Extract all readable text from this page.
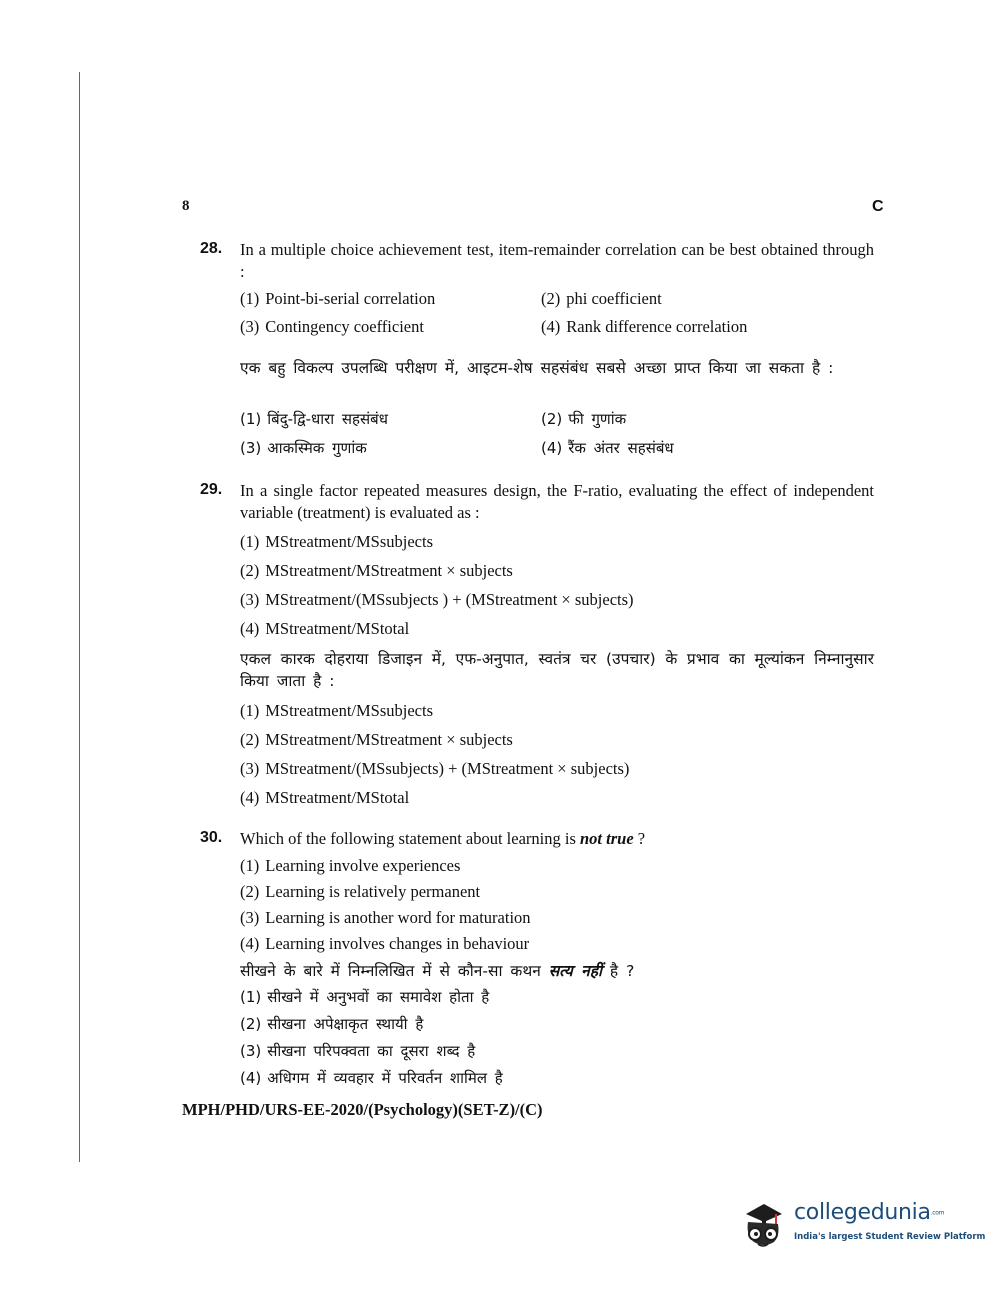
8	C
28. In a multiple choice achievement test, item-remainder correlation can be best obtained through :
(1) Point-bi-serial correlation	(2) phi coefficient
(3) Contingency coefficient	(4) Rank difference correlation
एक बहु विकल्प उपलब्धि परीक्षण में, आइटम-शेष सहसंबंध सबसे अच्छा प्राप्त किया जा सकता है :
(1) बिंदु-द्वि-धारा सहसंबंध	(2) फी गुणांक
(3) आकस्मिक गुणांक	(4) रैंक अंतर सहसंबंध
29. In a single factor repeated measures design, the F-ratio, evaluating the effect of independent variable (treatment) is evaluated as :
(1) MStreatment/MSsubjects
(2) MStreatment/MStreatment × subjects
(3) MStreatment/(MSsubjects ) + (MStreatment × subjects)
(4) MStreatment/MStotal
एकल कारक दोहराया डिजाइन में, एफ-अनुपात, स्वतंत्र चर (उपचार) के प्रभाव का मूल्यांकन निम्नानुसार किया जाता है :
(1) MStreatment/MSsubjects
(2) MStreatment/MStreatment × subjects
(3) MStreatment/(MSsubjects) + (MStreatment × subjects)
(4) MStreatment/MStotal
30. Which of the following statement about learning is not true ?
(1) Learning involve experiences
(2) Learning is relatively permanent
(3) Learning is another word for maturation
(4) Learning involves changes in behaviour
सीखने के बारे में निम्नलिखित में से कौन-सा कथन सत्य नहीं है ?
(1) सीखने में अनुभवों का समावेश होता है
(2) सीखना अपेक्षाकृत स्थायी है
(3) सीखना परिपक्वता का दूसरा शब्द है
(4) अधिगम में व्यवहार में परिवर्तन शामिल है
MPH/PHD/URS-EE-2020/(Psychology)(SET-Z)/(C)
collegedunia.com
India's largest Student Review Platform
